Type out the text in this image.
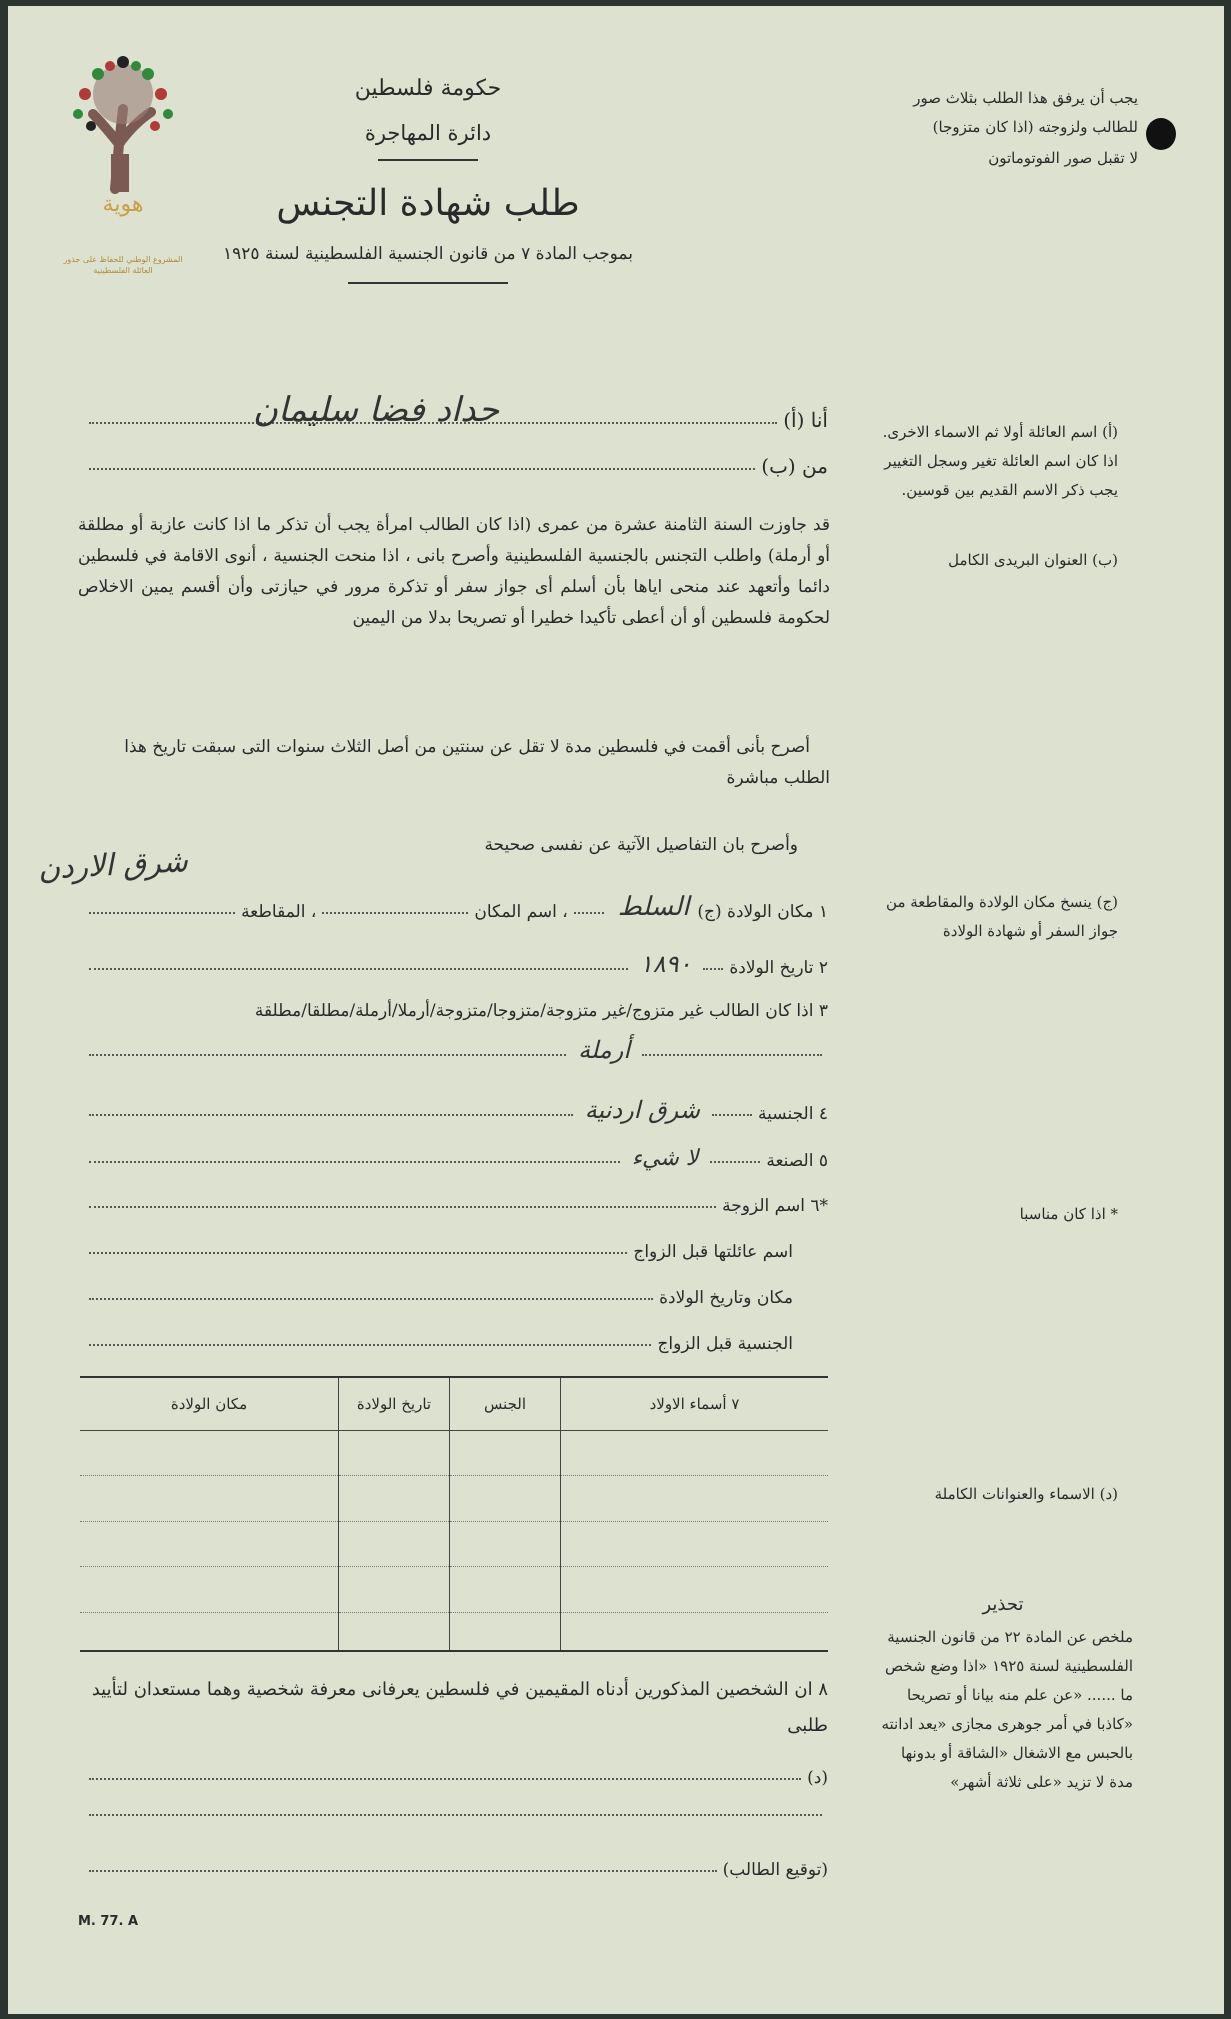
هوية
المشروع الوطني للحفاظ على جذور العائلة الفلسطينية
حكومة فلسطين
دائرة المهاجرة
طلب شهادة التجنس
بموجب المادة ٧ من قانون الجنسية الفلسطينية لسنة ١٩٢٥
يجب أن يرفق هذا الطلب بثلاث صور للطالب ولزوجته (اذا كان متزوجا)
لا تقبل صور الفوتوماتون
(أ) اسم العائلة أولا ثم الاسماء الاخرى. اذا كان اسم العائلة تغير وسجل التغيير يجب ذكر الاسم القديم بين قوسين.
(ب) العنوان البريدى الكامل
(ج) ينسخ مكان الولادة والمقاطعة من جواز السفر أو شهادة الولادة
* اذا كان مناسبا
(د) الاسماء والعنوانات الكاملة
تحذير
ملخص عن المادة ٢٢ من قانون الجنسية الفلسطينية لسنة ١٩٢٥ «اذا وضع شخص ما ...... «عن علم منه بيانا أو تصريحا «كاذبا في أمر جوهرى مجازى «يعد ادانته بالحبس مع الاشغال «الشاقة أو بدونها مدة لا تزيد «على ثلاثة أشهر»
أنا (أ)
حداد فضا سليمان
من (ب)
قد جاوزت السنة الثامنة عشرة من عمرى (اذا كان الطالب امرأة يجب أن تذكر ما اذا كانت عازبة أو مطلقة أو أرملة) واطلب التجنس بالجنسية الفلسطينية وأصرح بانى ، اذا منحت الجنسية ، أنوى الاقامة في فلسطين دائما وأتعهد عند منحى اياها بأن أسلم أى جواز سفر أو تذكرة مرور في حيازتى وأن أقسم يمين الاخلاص لحكومة فلسطين أو أن أعطى تأكيدا خطيرا أو تصريحا بدلا من اليمين
أصرح بأنى أقمت في فلسطين مدة لا تقل عن سنتين من أصل الثلاث سنوات التى سبقت تاريخ هذا الطلب مباشرة
وأصرح بان التفاصيل الآتية عن نفسى صحيحة
شرق الاردن
١ مكان الولادة (ج)
السلط
، اسم المكان
، المقاطعة
٢ تاريخ الولادة
١٨٩٠
٣ اذا كان الطالب غير متزوج/غير متزوجة/متزوجا/متزوجة/أرملا/أرملة/مطلقا/مطلقة
أرملة
٤ الجنسية
شرق اردنية
٥ الصنعة
لا شيء
*٦ اسم الزوجة
اسم عائلتها قبل الزواج
مكان وتاريخ الولادة
الجنسية قبل الزواج
٧ أسماء الاولاد	الجنس	تاريخ الولادة	مكان الولادة

٨ ان الشخصين المذكورين أدناه المقيمين في فلسطين يعرفانى معرفة شخصية وهما مستعدان لتأييد طلبى
(د)
(توقيع الطالب)
M. 77. A
